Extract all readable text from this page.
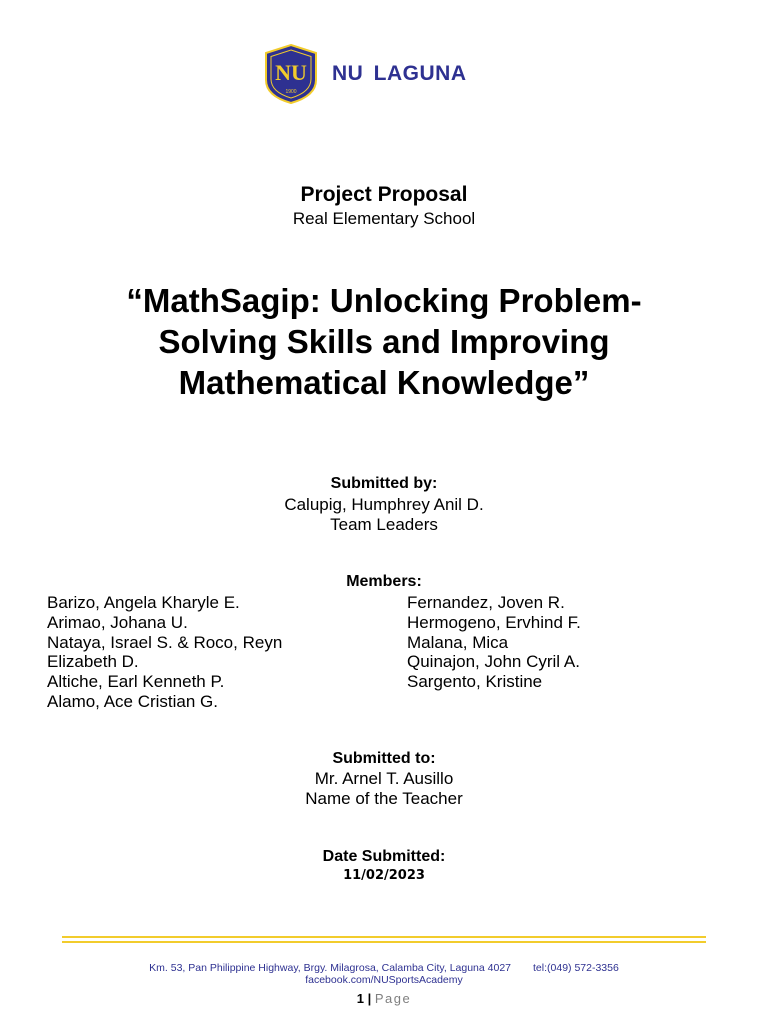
NU
1900
NU LAGUNA
Project Proposal
Real Elementary School
“MathSagip: Unlocking Problem-
Solving Skills and Improving
Mathematical Knowledge”
Submitted by:
Calupig, Humphrey Anil D.
Team Leaders
Members:
Barizo, Angela Kharyle E.
Arimao, Johana U.
Nataya, Israel S. & Roco, Reyn
Elizabeth D.
Altiche, Earl Kenneth P.
Alamo, Ace Cristian G.
Fernandez, Joven R.
Hermogeno, Ervhind F.
Malana, Mica
Quinajon, John Cyril A.
Sargento, Kristine
Submitted to:
Mr. Arnel T. Ausillo
Name of the Teacher
Date Submitted:
11/02/2023
Km. 53, Pan Philippine Highway, Brgy. Milagrosa, Calamba City, Laguna 4027 tel:(049) 572-3356
facebook.com/NUSportsAcademy
1 | Page
